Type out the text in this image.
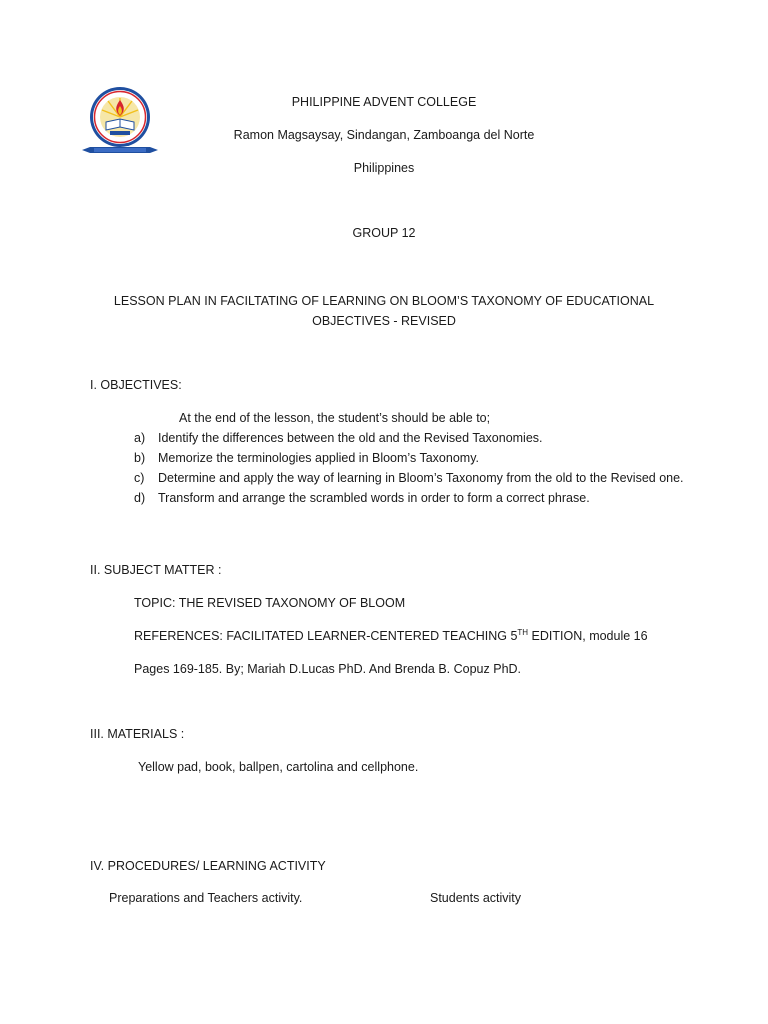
PHILIPPINE ADVENT COLLEGE
Ramon Magsaysay, Sindangan, Zamboanga del Norte
Philippines
GROUP 12
LESSON PLAN IN FACILTATING OF LEARNING ON BLOOM’S TAXONOMY OF EDUCATIONAL OBJECTIVES - REVISED
I. OBJECTIVES:
At the end of the lesson, the student’s should be able to;
a) Identify the differences between the old and the Revised Taxonomies.
b) Memorize the terminologies applied in Bloom’s Taxonomy.
c) Determine and apply the way of learning in Bloom’s Taxonomy from the old to the Revised one.
d) Transform and arrange the scrambled words in order to form a correct phrase.
II. SUBJECT MATTER :
TOPIC: THE REVISED TAXONOMY OF BLOOM
REFERENCES: FACILITATED LEARNER-CENTERED TEACHING 5TH EDITION, module 16
Pages 169-185. By; Mariah D.Lucas PhD. And Brenda B. Copuz PhD.
III. MATERIALS :
Yellow pad, book, ballpen, cartolina and cellphone.
IV. PROCEDURES/ LEARNING ACTIVITY
Preparations and Teachers activity.	Students activity
